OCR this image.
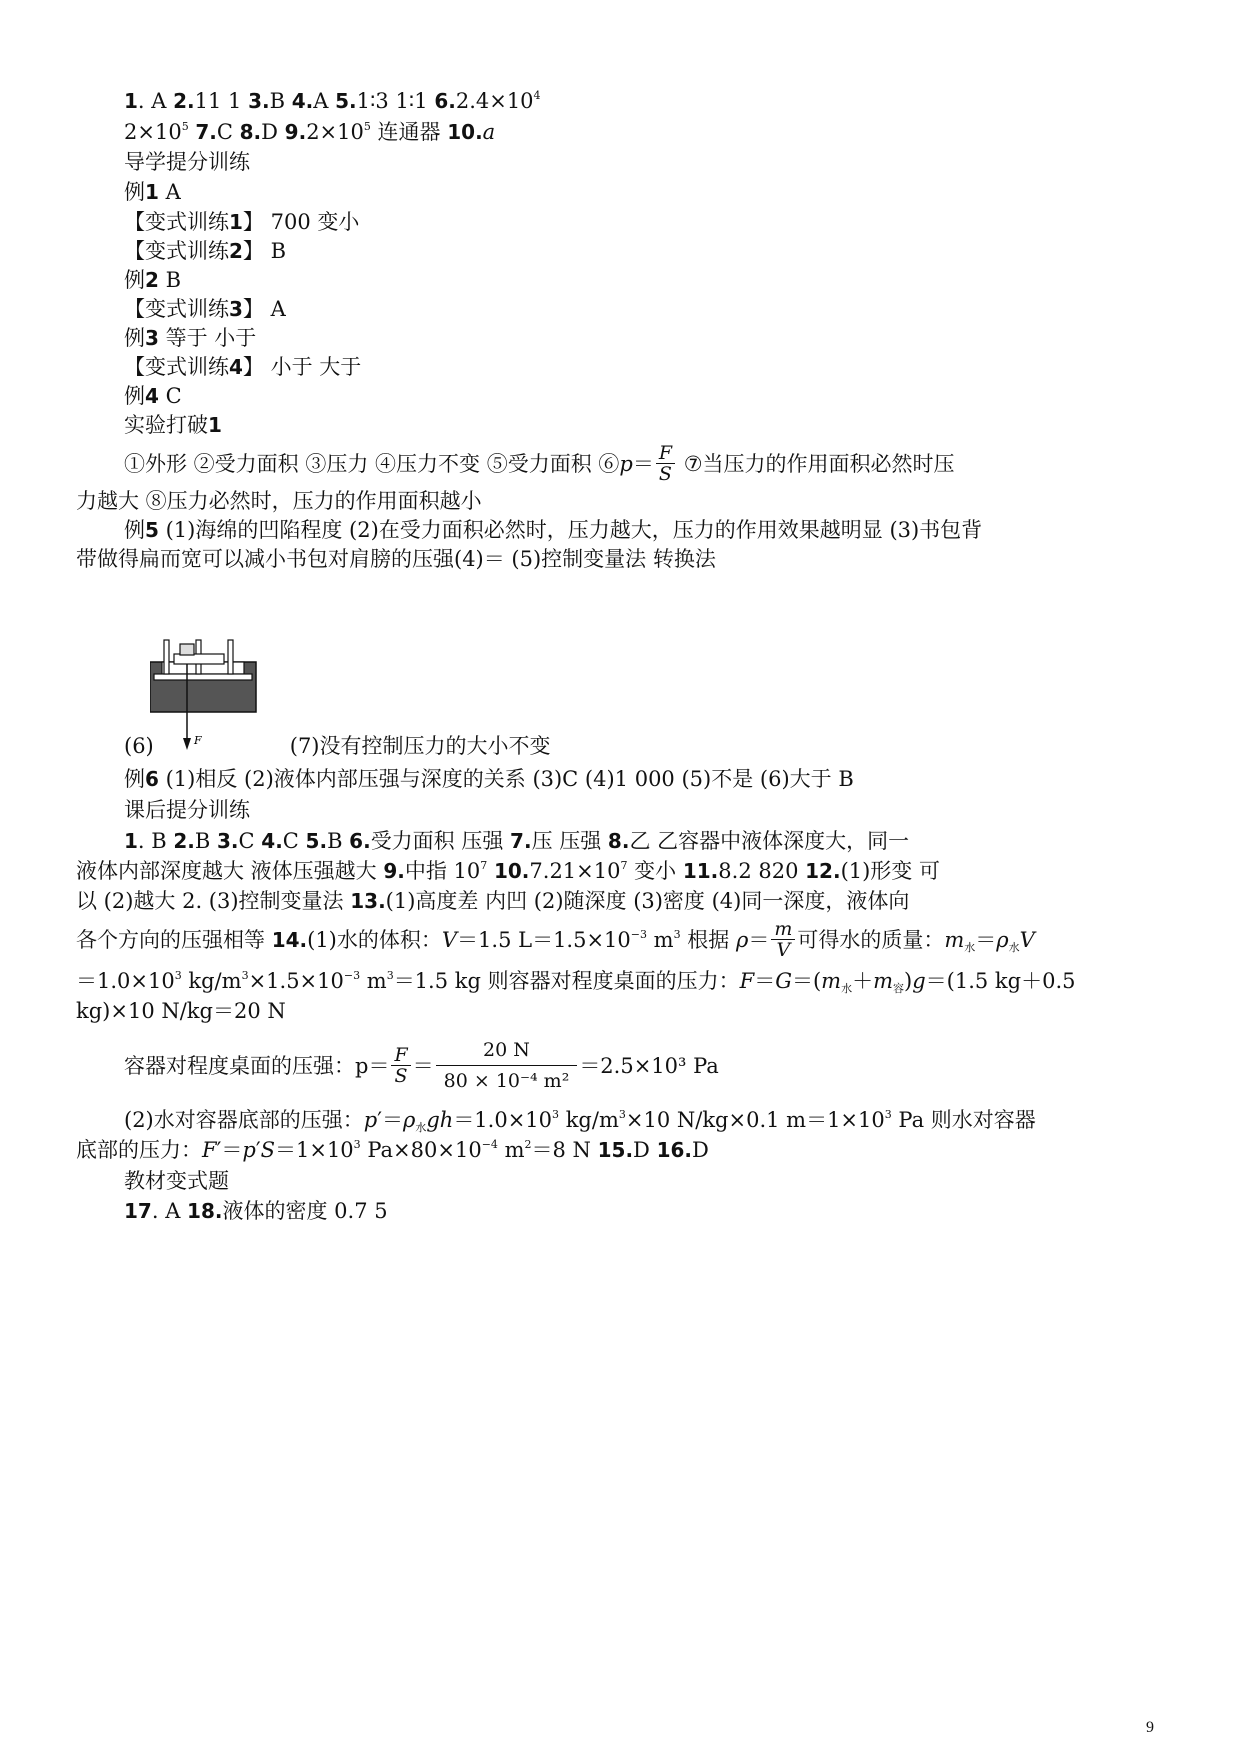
1. A 2.11 1 3.B 4.A 5.1∶3 1∶1 $6.2.4\times 10^4$
$2\times 10^5$ 7.C 8.D $9.2\times 10^5$ 连通器 10.a
导学提分训练
例1 A
【变式训练1】 700 变小
【变式训练2】 B
例2 B
【变式训练3】 A
例3 等于 小于
【变式训练4】 小于 大于
例4 C
实验打破1
①外形 ②受力面积 ③压力 ④压力不变 ⑤受力面积 ⑥p＝ $\frac{F}{S}$ ⑦当压力的作用面积必然时压
力越大 ⑧压力必然时，压力的作用面积越小
例5 (1)海绵的凹陷程度 (2)在受力面积必然时，压力越大，压力的作用效果越明显 (3)书包背
带做得扁而宽可以减小书包对肩膀的压强(4)＝ (5)控制变量法 转换法
F
(6)	(7)没有控制压力的大小不变
例6 (1)相反 (2)液体内部压强与深度的关系 (3)C (4)1 000 (5)不是 (6)大于 B
课后提分训练
1. B 2.B 3.C 4.C 5.B 6.受力面积 压强 7.压 压强 8.乙 乙容器中液体深度大，同一
液体内部深度越大 液体压强越大 9.中指 $10^7$ $10.7.21\times 10^7$ 变小 11.8.2 820 12.(1)形变 可
以 (2)越大 2. (3)控制变量法 13.(1)高度差 内凹 (2)随深度 (3)密度 (4)同一深度，液体向
各个方向的压强相等 14.(1)水的体积：V＝1.5 $L=1.5\times 10^{-3}$ $m^3$ 根据 $\rho= \frac{m}{V}$ 可得水的质量：$m_水=\rho_水V$
$=1.0\times 10^3$ $kg/m^3\times 1.5\times 10^{-3}$ $m^3=1.5$ kg 则容器对程度桌面的压力：$F=G=(m_水+m_容)g=(1.5$ kg＋0.5
kg)×10 N/kg＝20 N
容器对程度桌面的压强：$p= \frac{F}{S} = \frac{20 N}{\text{80 × 10⁻⁴ m²}} =2.5\times 10^3$ Pa
(2)水对容器底部的压强：$p'=\rho_水gh=1.0\times 10^3$ $kg/m^3\times 10$ N/kg×0.1 $m=1\times 10^3$ Pa 则水对容器
底部的压力：$F'=p'S=1\times 10^3$ $Pa\times 80\times 10^{-4}$ $m^2=8$ N 15.D 16.D
教材变式题
17. A 18.液体的密度 0.7 5
9
